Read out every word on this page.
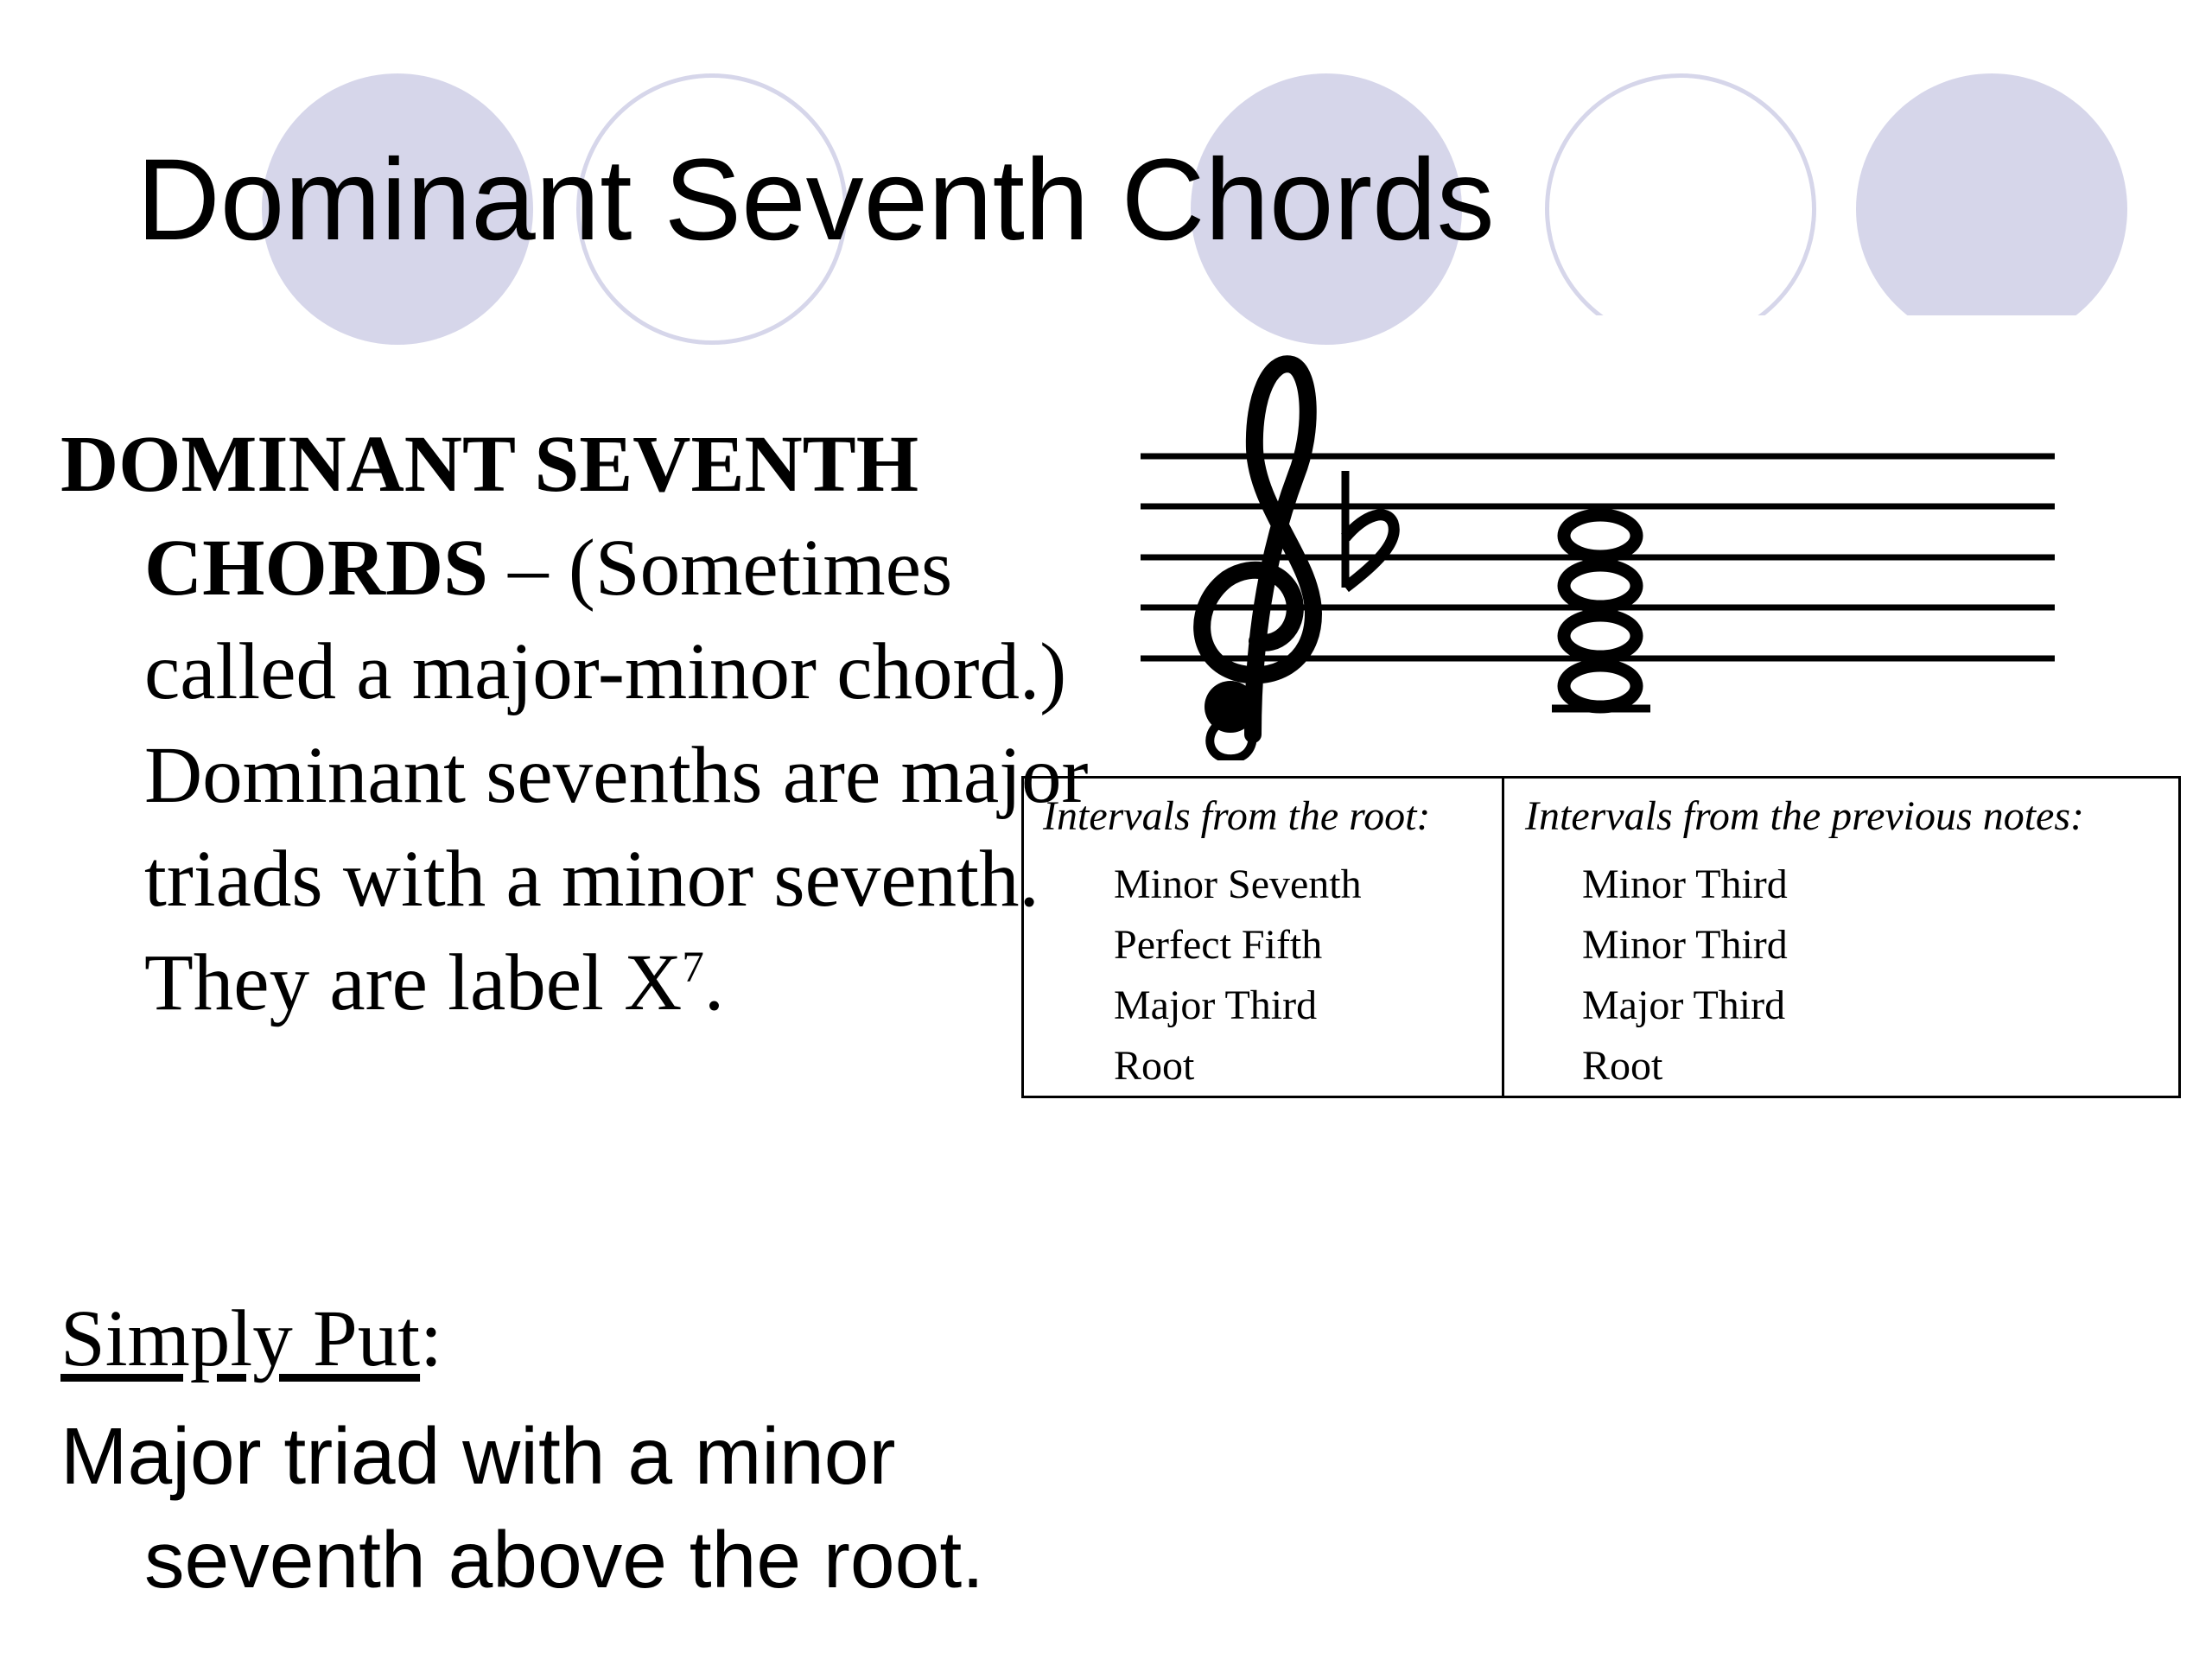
Dominant Seventh Chords

DOMINANT SEVENTH CHORDS – (Sometimes called a major-minor chord.) Dominant sevenths are major triads with a minor seventh. They are label $X^7$.

Simply Put:

Major triad with a minor seventh above the root.

Intervals from the root:
Minor Seventh
Perfect Fifth
Major Third
Root
Intervals from the previous notes:
Minor Third
Minor Third
Major Third
Root
